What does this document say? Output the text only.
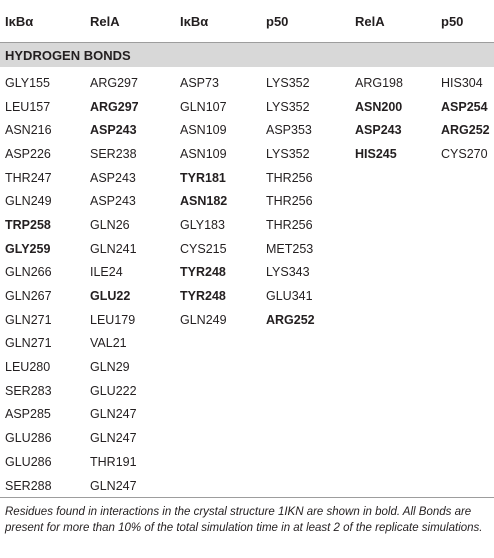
IκBα	RelA	IκBα	p50	RelA	p50
HYDROGEN BONDS					

GLY155	ARG297	ASP73	LYS352	ARG198	HIS304
LEU157	ARG297	GLN107	LYS352	ASN200	ASP254
ASN216	ASP243	ASN109	ASP353	ASP243	ARG252
ASP226	SER238	ASN109	LYS352	HIS245	CYS270
THR247	ASP243	TYR181	THR256		
GLN249	ASP243	ASN182	THR256		
TRP258	GLN26	GLY183	THR256		
GLY259	GLN241	CYS215	MET253		
GLN266	ILE24	TYR248	LYS343		
GLN267	GLU22	TYR248	GLU341		
GLN271	LEU179	GLN249	ARG252		
GLN271	VAL21				
LEU280	GLN29				
SER283	GLU222				
ASP285	GLN247				
GLU286	GLN247				
GLU286	THR191				
SER288	GLN247				
Residues found in interactions in the crystal structure 1IKN are shown in bold. All Bonds are present for more than 10% of the total simulation time in at least 2 of the replicate simulations.
